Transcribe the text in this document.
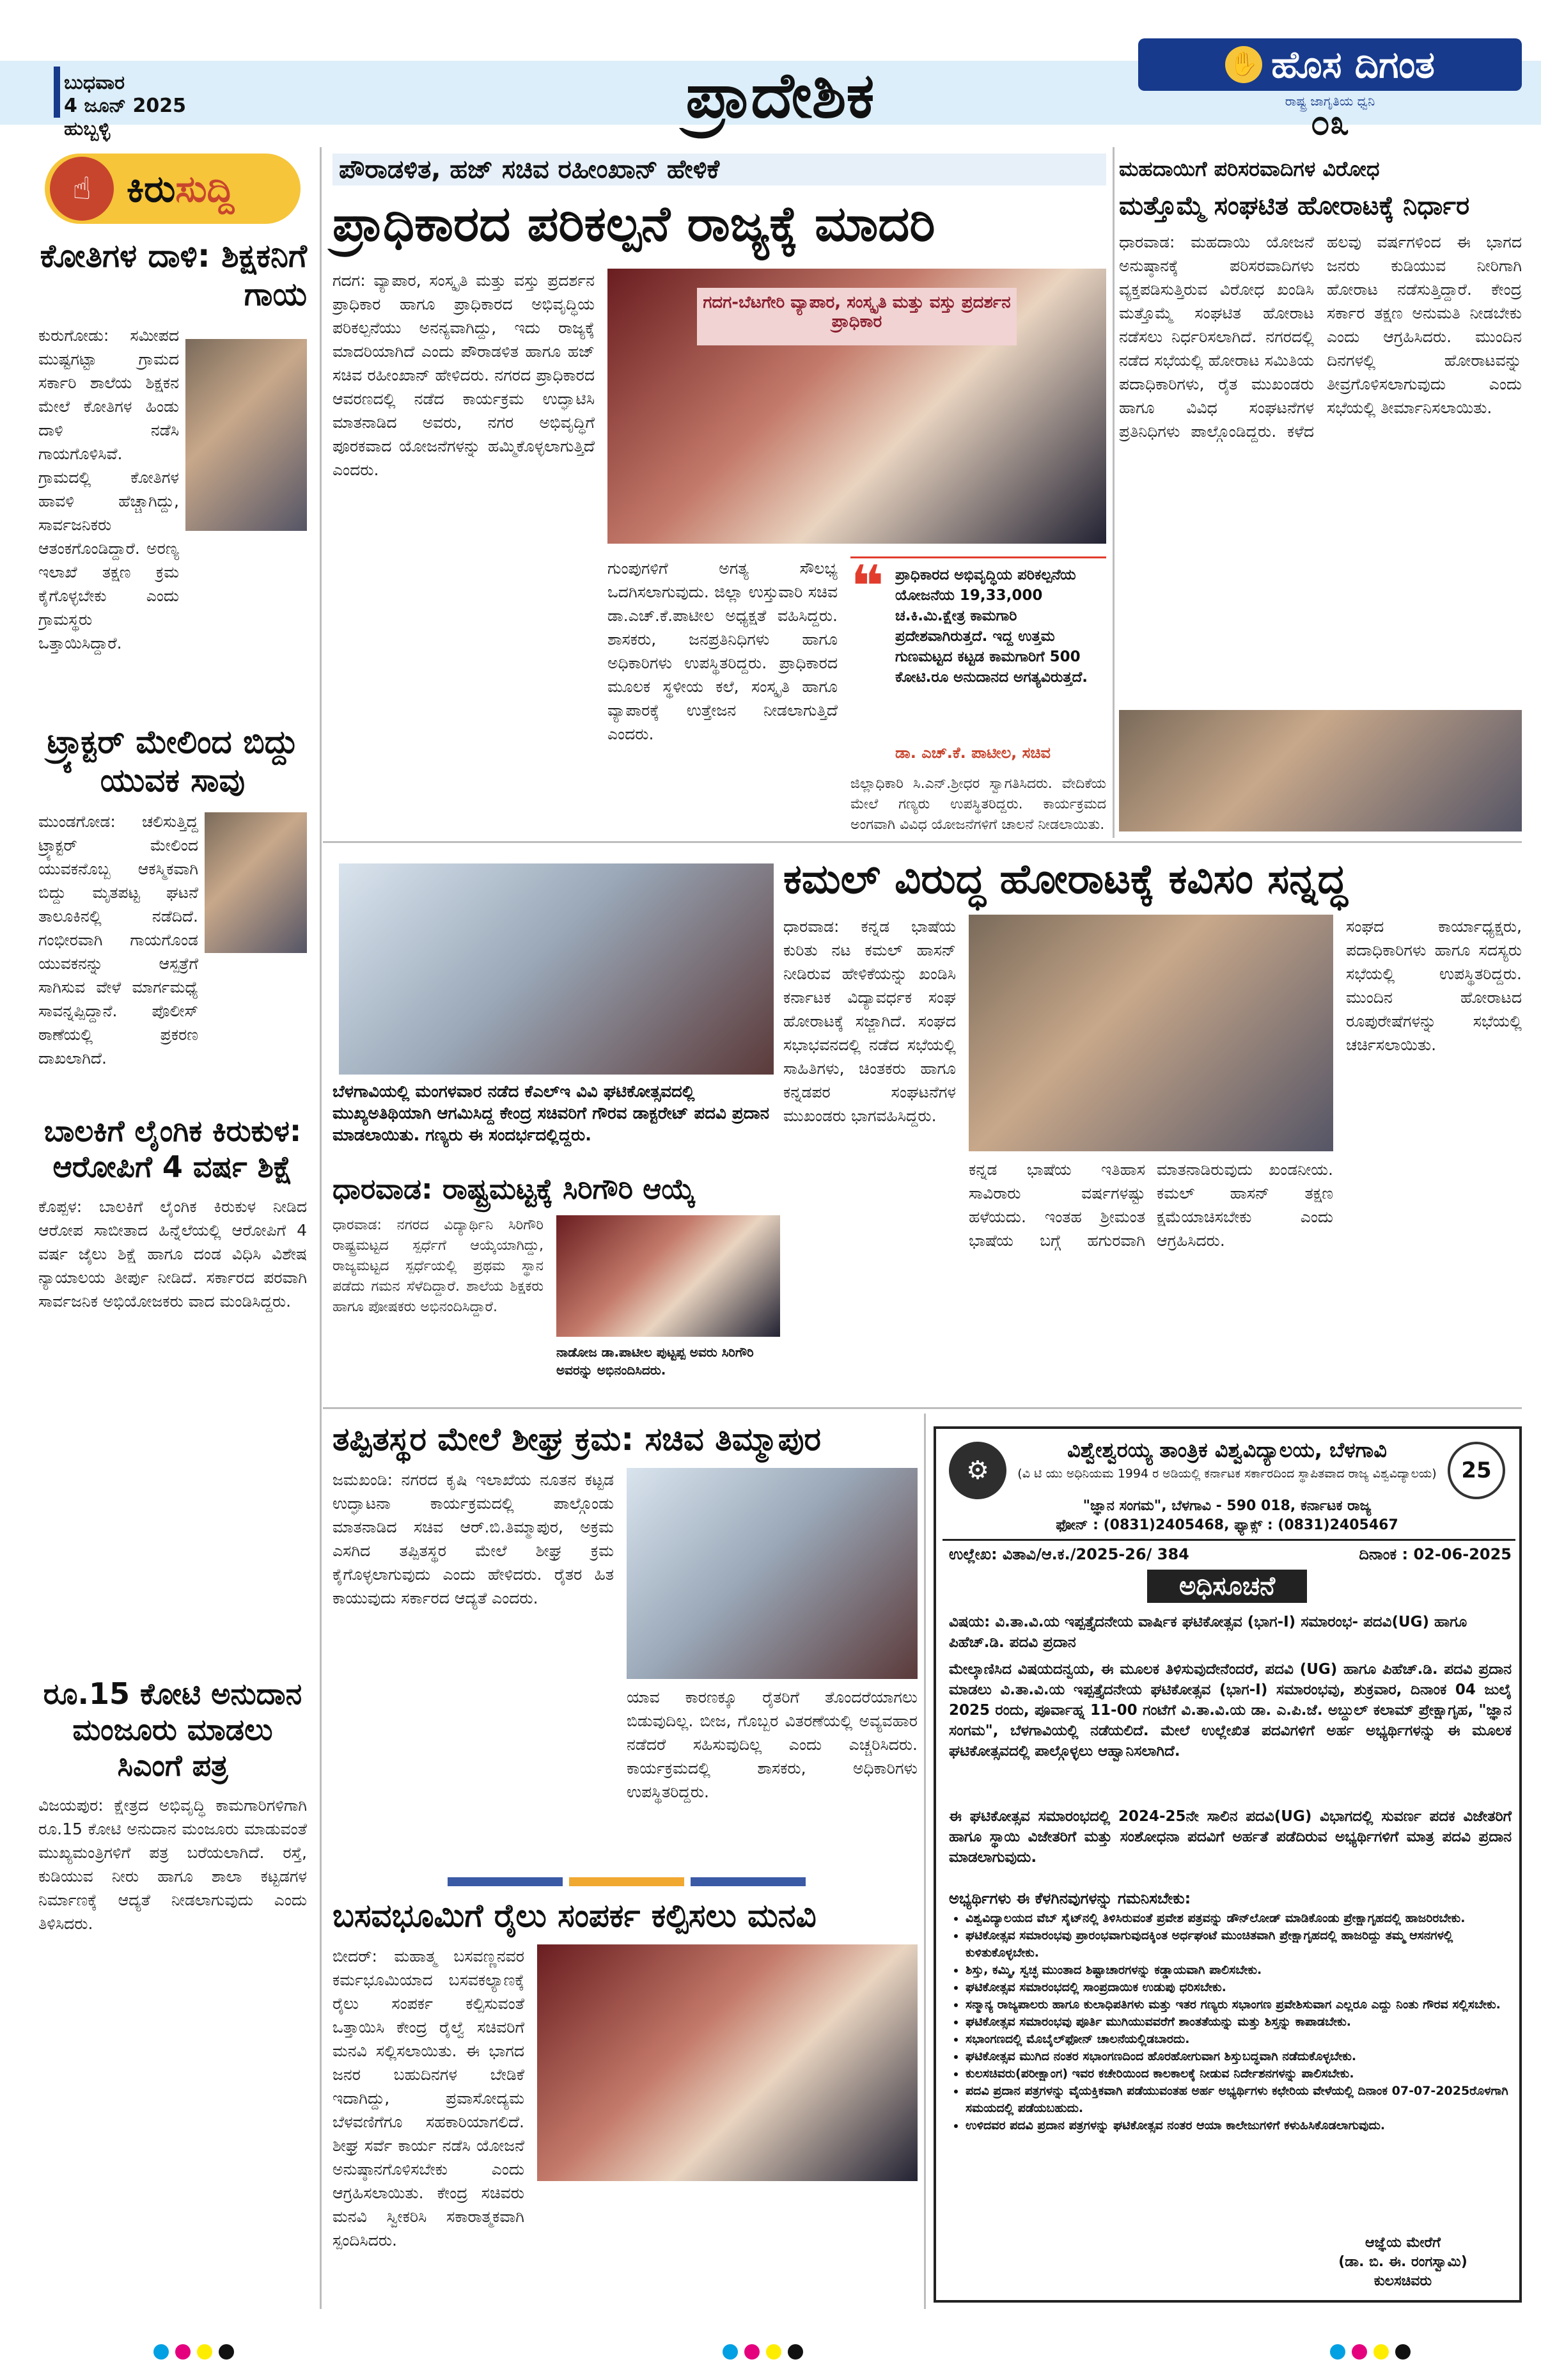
ಬುಧವಾರ
4 ಜೂನ್ 2025
ಹುಬ್ಬಳ್ಳಿ	ಪ್ರಾದೇಶಿಕ	✋ ಹೊಸ ದಿಗಂತ
ರಾಷ್ಟ್ರ ಜಾಗೃತಿಯ ಧ್ವನಿ
೦೩
☝ ಕಿರುಸುದ್ದಿ
ಕೋತಿಗಳ ದಾಳಿ: ಶಿಕ್ಷಕನಿಗೆ ಗಾಯ
ಕುರುಗೋಡು: ಸಮೀಪದ ಮುಷ್ಟಗಟ್ಟಾ ಗ್ರಾಮದ ಸರ್ಕಾರಿ ಶಾಲೆಯ ಶಿಕ್ಷಕನ ಮೇಲೆ ಕೋತಿಗಳ ಹಿಂಡು ದಾಳಿ ನಡೆಸಿ ಗಾಯಗೊಳಿಸಿವೆ. ಗ್ರಾಮದಲ್ಲಿ ಕೋತಿಗಳ ಹಾವಳಿ ಹೆಚ್ಚಾಗಿದ್ದು, ಸಾರ್ವಜನಿಕರು ಆತಂಕಗೊಂಡಿದ್ದಾರೆ. ಅರಣ್ಯ ಇಲಾಖೆ ತಕ್ಷಣ ಕ್ರಮ ಕೈಗೊಳ್ಳಬೇಕು ಎಂದು ಗ್ರಾಮಸ್ಥರು ಒತ್ತಾಯಿಸಿದ್ದಾರೆ.
ಟ್ರ್ಯಾಕ್ಟರ್ ಮೇಲಿಂದ ಬಿದ್ದು ಯುವಕ ಸಾವು
ಮುಂಡಗೋಡ: ಚಲಿಸುತ್ತಿದ್ದ ಟ್ರ್ಯಾಕ್ಟರ್ ಮೇಲಿಂದ ಯುವಕನೊಬ್ಬ ಆಕಸ್ಮಿಕವಾಗಿ ಬಿದ್ದು ಮೃತಪಟ್ಟ ಘಟನೆ ತಾಲೂಕಿನಲ್ಲಿ ನಡೆದಿದೆ. ಗಂಭೀರವಾಗಿ ಗಾಯಗೊಂಡ ಯುವಕನನ್ನು ಆಸ್ಪತ್ರೆಗೆ ಸಾಗಿಸುವ ವೇಳೆ ಮಾರ್ಗಮಧ್ಯೆ ಸಾವನ್ನಪ್ಪಿದ್ದಾನೆ. ಪೊಲೀಸ್ ಠಾಣೆಯಲ್ಲಿ ಪ್ರಕರಣ ದಾಖಲಾಗಿದೆ.
ಬಾಲಕಿಗೆ ಲೈಂಗಿಕ ಕಿರುಕುಳ: ಆರೋಪಿಗೆ 4 ವರ್ಷ ಶಿಕ್ಷೆ
ಕೊಪ್ಪಳ: ಬಾಲಕಿಗೆ ಲೈಂಗಿಕ ಕಿರುಕುಳ ನೀಡಿದ ಆರೋಪ ಸಾಬೀತಾದ ಹಿನ್ನೆಲೆಯಲ್ಲಿ ಆರೋಪಿಗೆ 4 ವರ್ಷ ಜೈಲು ಶಿಕ್ಷೆ ಹಾಗೂ ದಂಡ ವಿಧಿಸಿ ವಿಶೇಷ ನ್ಯಾಯಾಲಯ ತೀರ್ಪು ನೀಡಿದೆ. ಸರ್ಕಾರದ ಪರವಾಗಿ ಸಾರ್ವಜನಿಕ ಅಭಿಯೋಜಕರು ವಾದ ಮಂಡಿಸಿದ್ದರು.
ರೂ.15 ಕೋಟಿ ಅನುದಾನ ಮಂಜೂರು ಮಾಡಲು ಸಿಎಂಗೆ ಪತ್ರ
ವಿಜಯಪುರ: ಕ್ಷೇತ್ರದ ಅಭಿವೃದ್ಧಿ ಕಾಮಗಾರಿಗಳಿಗಾಗಿ ರೂ.15 ಕೋಟಿ ಅನುದಾನ ಮಂಜೂರು ಮಾಡುವಂತೆ ಮುಖ್ಯಮಂತ್ರಿಗಳಿಗೆ ಪತ್ರ ಬರೆಯಲಾಗಿದೆ. ರಸ್ತೆ, ಕುಡಿಯುವ ನೀರು ಹಾಗೂ ಶಾಲಾ ಕಟ್ಟಡಗಳ ನಿರ್ಮಾಣಕ್ಕೆ ಆದ್ಯತೆ ನೀಡಲಾಗುವುದು ಎಂದು ತಿಳಿಸಿದರು.
ಪೌರಾಡಳಿತ, ಹಜ್ ಸಚಿವ ರಹೀಂಖಾನ್ ಹೇಳಿಕೆ
ಪ್ರಾಧಿಕಾರದ ಪರಿಕಲ್ಪನೆ ರಾಜ್ಯಕ್ಕೆ ಮಾದರಿ
ಗದಗ: ವ್ಯಾಪಾರ, ಸಂಸ್ಕೃತಿ ಮತ್ತು ವಸ್ತು ಪ್ರದರ್ಶನ ಪ್ರಾಧಿಕಾರ ಹಾಗೂ ಪ್ರಾಧಿಕಾರದ ಅಭಿವೃದ್ಧಿಯ ಪರಿಕಲ್ಪನೆಯು ಅನನ್ಯವಾಗಿದ್ದು, ಇದು ರಾಜ್ಯಕ್ಕೆ ಮಾದರಿಯಾಗಿದೆ ಎಂದು ಪೌರಾಡಳಿತ ಹಾಗೂ ಹಜ್ ಸಚಿವ ರಹೀಂಖಾನ್ ಹೇಳಿದರು. ನಗರದ ಪ್ರಾಧಿಕಾರದ ಆವರಣದಲ್ಲಿ ನಡೆದ ಕಾರ್ಯಕ್ರಮ ಉದ್ಘಾಟಿಸಿ ಮಾತನಾಡಿದ ಅವರು, ನಗರ ಅಭಿವೃದ್ಧಿಗೆ ಪೂರಕವಾದ ಯೋಜನೆಗಳನ್ನು ಹಮ್ಮಿಕೊಳ್ಳಲಾಗುತ್ತಿದೆ ಎಂದರು.
ಗದಗ-ಬೆಟಗೇರಿ ವ್ಯಾಪಾರ, ಸಂಸ್ಕೃತಿ ಮತ್ತು ವಸ್ತು ಪ್ರದರ್ಶನ ಪ್ರಾಧಿಕಾರ
ಗುಂಪುಗಳಿಗೆ ಅಗತ್ಯ ಸೌಲಭ್ಯ ಒದಗಿಸಲಾಗುವುದು. ಜಿಲ್ಲಾ ಉಸ್ತುವಾರಿ ಸಚಿವ ಡಾ.ಎಚ್.ಕೆ.ಪಾಟೀಲ ಅಧ್ಯಕ್ಷತೆ ವಹಿಸಿದ್ದರು. ಶಾಸಕರು, ಜನಪ್ರತಿನಿಧಿಗಳು ಹಾಗೂ ಅಧಿಕಾರಿಗಳು ಉಪಸ್ಥಿತರಿದ್ದರು. ಪ್ರಾಧಿಕಾರದ ಮೂಲಕ ಸ್ಥಳೀಯ ಕಲೆ, ಸಂಸ್ಕೃತಿ ಹಾಗೂ ವ್ಯಾಪಾರಕ್ಕೆ ಉತ್ತೇಜನ ನೀಡಲಾಗುತ್ತಿದೆ ಎಂದರು.
❝ ಪ್ರಾಧಿಕಾರದ ಅಭಿವೃದ್ಧಿಯ ಪರಿಕಲ್ಪನೆಯ ಯೋಜನೆಯ 19,33,000 ಚ.ಕಿ.ಮಿ.ಕ್ಷೇತ್ರ ಕಾಮಗಾರಿ ಪ್ರದೇಶವಾಗಿರುತ್ತದೆ. ಇದ್ದ ಉತ್ತಮ ಗುಣಮಟ್ಟದ ಕಟ್ಟಡ ಕಾಮಗಾರಿಗೆ 500 ಕೋಟಿ.ರೂ ಅನುದಾನದ ಅಗತ್ಯವಿರುತ್ತದೆ.
ಡಾ. ಎಚ್.ಕೆ. ಪಾಟೀಲ, ಸಚಿವ
ಜಿಲ್ಲಾಧಿಕಾರಿ ಸಿ.ಎನ್.ಶ್ರೀಧರ ಸ್ವಾಗತಿಸಿದರು. ವೇದಿಕೆಯ ಮೇಲೆ ಗಣ್ಯರು ಉಪಸ್ಥಿತರಿದ್ದರು. ಕಾರ್ಯಕ್ರಮದ ಅಂಗವಾಗಿ ವಿವಿಧ ಯೋಜನೆಗಳಿಗೆ ಚಾಲನೆ ನೀಡಲಾಯಿತು.
ಮಹದಾಯಿಗೆ ಪರಿಸರವಾದಿಗಳ ವಿರೋಧ
ಮತ್ತೊಮ್ಮೆ ಸಂಘಟಿತ ಹೋರಾಟಕ್ಕೆ ನಿರ್ಧಾರ
ಧಾರವಾಡ: ಮಹದಾಯಿ ಯೋಜನೆ ಅನುಷ್ಠಾನಕ್ಕೆ ಪರಿಸರವಾದಿಗಳು ವ್ಯಕ್ತಪಡಿಸುತ್ತಿರುವ ವಿರೋಧ ಖಂಡಿಸಿ ಮತ್ತೊಮ್ಮೆ ಸಂಘಟಿತ ಹೋರಾಟ ನಡೆಸಲು ನಿರ್ಧರಿಸಲಾಗಿದೆ. ನಗರದಲ್ಲಿ ನಡೆದ ಸಭೆಯಲ್ಲಿ ಹೋರಾಟ ಸಮಿತಿಯ ಪದಾಧಿಕಾರಿಗಳು, ರೈತ ಮುಖಂಡರು ಹಾಗೂ ವಿವಿಧ ಸಂಘಟನೆಗಳ ಪ್ರತಿನಿಧಿಗಳು ಪಾಲ್ಗೊಂಡಿದ್ದರು. ಕಳೆದ ಹಲವು ವರ್ಷಗಳಿಂದ ಈ ಭಾಗದ ಜನರು ಕುಡಿಯುವ ನೀರಿಗಾಗಿ ಹೋರಾಟ ನಡೆಸುತ್ತಿದ್ದಾರೆ. ಕೇಂದ್ರ ಸರ್ಕಾರ ತಕ್ಷಣ ಅನುಮತಿ ನೀಡಬೇಕು ಎಂದು ಆಗ್ರಹಿಸಿದರು. ಮುಂದಿನ ದಿನಗಳಲ್ಲಿ ಹೋರಾಟವನ್ನು ತೀವ್ರಗೊಳಿಸಲಾಗುವುದು ಎಂದು ಸಭೆಯಲ್ಲಿ ತೀರ್ಮಾನಿಸಲಾಯಿತು.
ಬೆಳಗಾವಿಯಲ್ಲಿ ಮಂಗಳವಾರ ನಡೆದ ಕೆಎಲ್‌ಇ ವಿವಿ ಘಟಿಕೋತ್ಸವದಲ್ಲಿ ಮುಖ್ಯಅತಿಥಿಯಾಗಿ ಆಗಮಿಸಿದ್ದ ಕೇಂದ್ರ ಸಚಿವರಿಗೆ ಗೌರವ ಡಾಕ್ಟರೇಟ್ ಪದವಿ ಪ್ರದಾನ ಮಾಡಲಾಯಿತು. ಗಣ್ಯರು ಈ ಸಂದರ್ಭದಲ್ಲಿದ್ದರು.
ಧಾರವಾಡ: ರಾಷ್ಟ್ರಮಟ್ಟಕ್ಕೆ ಸಿರಿಗೌರಿ ಆಯ್ಕೆ
ಧಾರವಾಡ: ನಗರದ ವಿದ್ಯಾರ್ಥಿನಿ ಸಿರಿಗೌರಿ ರಾಷ್ಟ್ರಮಟ್ಟದ ಸ್ಪರ್ಧೆಗೆ ಆಯ್ಕೆಯಾಗಿದ್ದು, ರಾಜ್ಯಮಟ್ಟದ ಸ್ಪರ್ಧೆಯಲ್ಲಿ ಪ್ರಥಮ ಸ್ಥಾನ ಪಡೆದು ಗಮನ ಸೆಳೆದಿದ್ದಾರೆ. ಶಾಲೆಯ ಶಿಕ್ಷಕರು ಹಾಗೂ ಪೋಷಕರು ಅಭಿನಂದಿಸಿದ್ದಾರೆ.
ನಾಡೋಜ ಡಾ.ಪಾಟೀಲ ಪುಟ್ಟಪ್ಪ ಅವರು ಸಿರಿಗೌರಿ ಅವರನ್ನು ಅಭಿನಂದಿಸಿದರು.
ಕಮಲ್ ವಿರುದ್ಧ ಹೋರಾಟಕ್ಕೆ ಕವಿಸಂ ಸನ್ನದ್ಧ
ಧಾರವಾಡ: ಕನ್ನಡ ಭಾಷೆಯ ಕುರಿತು ನಟ ಕಮಲ್ ಹಾಸನ್ ನೀಡಿರುವ ಹೇಳಿಕೆಯನ್ನು ಖಂಡಿಸಿ ಕರ್ನಾಟಕ ವಿದ್ಯಾವರ್ಧಕ ಸಂಘ ಹೋರಾಟಕ್ಕೆ ಸಜ್ಜಾಗಿದೆ. ಸಂಘದ ಸಭಾಭವನದಲ್ಲಿ ನಡೆದ ಸಭೆಯಲ್ಲಿ ಸಾಹಿತಿಗಳು, ಚಿಂತಕರು ಹಾಗೂ ಕನ್ನಡಪರ ಸಂಘಟನೆಗಳ ಮುಖಂಡರು ಭಾಗವಹಿಸಿದ್ದರು.
ಕನ್ನಡ ಭಾಷೆಯ ಇತಿಹಾಸ ಸಾವಿರಾರು ವರ್ಷಗಳಷ್ಟು ಹಳೆಯದು. ಇಂತಹ ಶ್ರೀಮಂತ ಭಾಷೆಯ ಬಗ್ಗೆ ಹಗುರವಾಗಿ ಮಾತನಾಡಿರುವುದು ಖಂಡನೀಯ. ಕಮಲ್ ಹಾಸನ್ ತಕ್ಷಣ ಕ್ಷಮೆಯಾಚಿಸಬೇಕು ಎಂದು ಆಗ್ರಹಿಸಿದರು.
ಸಂಘದ ಕಾರ್ಯಾಧ್ಯಕ್ಷರು, ಪದಾಧಿಕಾರಿಗಳು ಹಾಗೂ ಸದಸ್ಯರು ಸಭೆಯಲ್ಲಿ ಉಪಸ್ಥಿತರಿದ್ದರು. ಮುಂದಿನ ಹೋರಾಟದ ರೂಪುರೇಷೆಗಳನ್ನು ಸಭೆಯಲ್ಲಿ ಚರ್ಚಿಸಲಾಯಿತು.
ತಪ್ಪಿತಸ್ಥರ ಮೇಲೆ ಶೀಘ್ರ ಕ್ರಮ: ಸಚಿವ ತಿಮ್ಮಾಪುರ
ಜಮಖಂಡಿ: ನಗರದ ಕೃಷಿ ಇಲಾಖೆಯ ನೂತನ ಕಟ್ಟಡ ಉದ್ಘಾಟನಾ ಕಾರ್ಯಕ್ರಮದಲ್ಲಿ ಪಾಲ್ಗೊಂಡು ಮಾತನಾಡಿದ ಸಚಿವ ಆರ್.ಬಿ.ತಿಮ್ಮಾಪುರ, ಅಕ್ರಮ ಎಸಗಿದ ತಪ್ಪಿತಸ್ಥರ ಮೇಲೆ ಶೀಘ್ರ ಕ್ರಮ ಕೈಗೊಳ್ಳಲಾಗುವುದು ಎಂದು ಹೇಳಿದರು. ರೈತರ ಹಿತ ಕಾಯುವುದು ಸರ್ಕಾರದ ಆದ್ಯತೆ ಎಂದರು.
ಯಾವ ಕಾರಣಕ್ಕೂ ರೈತರಿಗೆ ತೊಂದರೆಯಾಗಲು ಬಿಡುವುದಿಲ್ಲ. ಬೀಜ, ಗೊಬ್ಬರ ವಿತರಣೆಯಲ್ಲಿ ಅವ್ಯವಹಾರ ನಡೆದರೆ ಸಹಿಸುವುದಿಲ್ಲ ಎಂದು ಎಚ್ಚರಿಸಿದರು. ಕಾರ್ಯಕ್ರಮದಲ್ಲಿ ಶಾಸಕರು, ಅಧಿಕಾರಿಗಳು ಉಪಸ್ಥಿತರಿದ್ದರು.
ಬಸವಭೂಮಿಗೆ ರೈಲು ಸಂಪರ್ಕ ಕಲ್ಪಿಸಲು ಮನವಿ
ಬೀದರ್: ಮಹಾತ್ಮ ಬಸವಣ್ಣನವರ ಕರ್ಮಭೂಮಿಯಾದ ಬಸವಕಲ್ಯಾಣಕ್ಕೆ ರೈಲು ಸಂಪರ್ಕ ಕಲ್ಪಿಸುವಂತೆ ಒತ್ತಾಯಿಸಿ ಕೇಂದ್ರ ರೈಲ್ವೆ ಸಚಿವರಿಗೆ ಮನವಿ ಸಲ್ಲಿಸಲಾಯಿತು. ಈ ಭಾಗದ ಜನರ ಬಹುದಿನಗಳ ಬೇಡಿಕೆ ಇದಾಗಿದ್ದು, ಪ್ರವಾಸೋದ್ಯಮ ಬೆಳವಣಿಗೆಗೂ ಸಹಕಾರಿಯಾಗಲಿದೆ. ಶೀಘ್ರ ಸರ್ವೆ ಕಾರ್ಯ ನಡೆಸಿ ಯೋಜನೆ ಅನುಷ್ಠಾನಗೊಳಿಸಬೇಕು ಎಂದು ಆಗ್ರಹಿಸಲಾಯಿತು. ಕೇಂದ್ರ ಸಚಿವರು ಮನವಿ ಸ್ವೀಕರಿಸಿ ಸಕಾರಾತ್ಮಕವಾಗಿ ಸ್ಪಂದಿಸಿದರು.
⚙	25
ವಿಶ್ವೇಶ್ವರಯ್ಯ ತಾಂತ್ರಿಕ ವಿಶ್ವವಿದ್ಯಾಲಯ, ಬೆಳಗಾವಿ
(ವಿ ಟಿ ಯು ಅಧಿನಿಯಮ 1994 ರ ಅಡಿಯಲ್ಲಿ ಕರ್ನಾಟಕ ಸರ್ಕಾರದಿಂದ ಸ್ಥಾಪಿತವಾದ ರಾಜ್ಯ ವಿಶ್ವವಿದ್ಯಾಲಯ)
"ಜ್ಞಾನ ಸಂಗಮ", ಬೆಳಗಾವಿ - 590 018, ಕರ್ನಾಟಕ ರಾಜ್ಯ
ಫೋನ್ : (0831)2405468, ಫ್ಯಾಕ್ಸ್ : (0831)2405467
ಉಲ್ಲೇಖ: ವಿತಾವಿ/ಆ.ಕ./2025-26/ 384	ದಿನಾಂಕ : 02-06-2025
ಅಧಿಸೂಚನೆ
ವಿಷಯ: ವಿ.ತಾ.ವಿ.ಯ ಇಪ್ಪತ್ತೈದನೇಯ ವಾರ್ಷಿಕ ಘಟಿಕೋತ್ಸವ (ಭಾಗ-I) ಸಮಾರಂಭ- ಪದವಿ(UG) ಹಾಗೂ ಪಿಹೆಚ್.ಡಿ. ಪದವಿ ಪ್ರದಾನ
ಮೇಲ್ಕಾಣಿಸಿದ ವಿಷಯದನ್ವಯ, ಈ ಮೂಲಕ ತಿಳಿಸುವುದೇನೆಂದರೆ, ಪದವಿ (UG) ಹಾಗೂ ಪಿಹೆಚ್.ಡಿ. ಪದವಿ ಪ್ರದಾನ ಮಾಡಲು ವಿ.ತಾ.ವಿ.ಯ ಇಪ್ಪತ್ತೈದನೇಯ ಘಟಿಕೋತ್ಸವ (ಭಾಗ-I) ಸಮಾರಂಭವು, ಶುಕ್ರವಾರ, ದಿನಾಂಕ 04 ಜುಲೈ 2025 ರಂದು, ಪೂರ್ವಾಹ್ನ 11-00 ಗಂಟೆಗೆ ವಿ.ತಾ.ವಿ.ಯ ಡಾ. ಎ.ಪಿ.ಜೆ. ಅಬ್ದುಲ್ ಕಲಾಮ್ ಪ್ರೇಕ್ಷಾಗೃಹ, "ಜ್ಞಾನ ಸಂಗಮ", ಬೆಳಗಾವಿಯಲ್ಲಿ ನಡೆಯಲಿದೆ. ಮೇಲೆ ಉಲ್ಲೇಖಿತ ಪದವಿಗಳಿಗೆ ಅರ್ಹ ಅಭ್ಯರ್ಥಿಗಳನ್ನು ಈ ಮೂಲಕ ಘಟಿಕೋತ್ಸವದಲ್ಲಿ ಪಾಲ್ಗೊಳ್ಳಲು ಆಹ್ವಾನಿಸಲಾಗಿದೆ.
ಈ ಘಟಿಕೋತ್ಸವ ಸಮಾರಂಭದಲ್ಲಿ 2024-25ನೇ ಸಾಲಿನ ಪದವಿ(UG) ವಿಭಾಗದಲ್ಲಿ ಸುವರ್ಣ ಪದಕ ವಿಜೇತರಿಗೆ ಹಾಗೂ ಸ್ಥಾಯಿ ವಿಜೇತರಿಗೆ ಮತ್ತು ಸಂಶೋಧನಾ ಪದವಿಗೆ ಅರ್ಹತೆ ಪಡೆದಿರುವ ಅಭ್ಯರ್ಥಿಗಳಿಗೆ ಮಾತ್ರ ಪದವಿ ಪ್ರದಾನ ಮಾಡಲಾಗುವುದು.
ಅಭ್ಯರ್ಥಿಗಳು ಈ ಕೆಳಗಿನವುಗಳನ್ನು ಗಮನಿಸಬೇಕು:
• ವಿಶ್ವವಿದ್ಯಾಲಯದ ವೆಬ್ ಸೈಟ್‌ನಲ್ಲಿ ತಿಳಿಸಿರುವಂತೆ ಪ್ರವೇಶ ಪತ್ರವನ್ನು ಡೌನ್‌ಲೋಡ್ ಮಾಡಿಕೊಂಡು ಪ್ರೇಕ್ಷಾಗೃಹದಲ್ಲಿ ಹಾಜರಿರಬೇಕು.
• ಘಟಿಕೋತ್ಸವ ಸಮಾರಂಭವು ಪ್ರಾರಂಭವಾಗುವುದಕ್ಕಿಂತ ಅರ್ಧಘಂಟೆ ಮುಂಚಿತವಾಗಿ ಪ್ರೇಕ್ಷಾಗೃಹದಲ್ಲಿ ಹಾಜರಿದ್ದು ತಮ್ಮ ಆಸನಗಳಲ್ಲಿ ಕುಳಿತುಕೊಳ್ಳಬೇಕು.
• ಶಿಸ್ತು, ಕಮ್ಮಿ, ಸ್ವಚ್ಛ ಮುಂತಾದ ಶಿಷ್ಟಾಚಾರಗಳನ್ನು ಕಡ್ಡಾಯವಾಗಿ ಪಾಲಿಸಬೇಕು.
• ಘಟಿಕೋತ್ಸವ ಸಮಾರಂಭದಲ್ಲಿ ಸಾಂಪ್ರದಾಯಿಕ ಉಡುಪು ಧರಿಸಬೇಕು.
• ಸನ್ಮಾನ್ಯ ರಾಜ್ಯಪಾಲರು ಹಾಗೂ ಕುಲಾಧಿಪತಿಗಳು ಮತ್ತು ಇತರ ಗಣ್ಯರು ಸಭಾಂಗಣ ಪ್ರವೇಶಿಸುವಾಗ ಎಲ್ಲರೂ ಎದ್ದು ನಿಂತು ಗೌರವ ಸಲ್ಲಿಸಬೇಕು.
• ಘಟಿಕೋತ್ಸವ ಸಮಾರಂಭವು ಪೂರ್ತಿ ಮುಗಿಯುವವರೆಗೆ ಶಾಂತತೆಯನ್ನು ಮತ್ತು ಶಿಸ್ತನ್ನು ಕಾಪಾಡಬೇಕು.
• ಸಭಾಂಗಣದಲ್ಲಿ ಮೊಬೈಲ್‌ಫೋನ್ ಚಾಲನೆಯಲ್ಲಿಡಬಾರದು.
• ಘಟಿಕೋತ್ಸವ ಮುಗಿದ ನಂತರ ಸಭಾಂಗಣದಿಂದ ಹೊರಹೋಗುವಾಗ ಶಿಸ್ತುಬದ್ಧವಾಗಿ ನಡೆದುಕೊಳ್ಳಬೇಕು.
• ಕುಲಸಚಿವರು(ಪರೀಕ್ಷಾಂಗ) ಇವರ ಕಚೇರಿಯಿಂದ ಕಾಲಕಾಲಕ್ಕೆ ನೀಡುವ ನಿರ್ದೇಶನಗಳನ್ನು ಪಾಲಿಸಬೇಕು.
• ಪದವಿ ಪ್ರದಾನ ಪತ್ರಗಳನ್ನು ವೈಯಕ್ತಿಕವಾಗಿ ಪಡೆಯುವಂತಹ ಅರ್ಹ ಅಭ್ಯರ್ಥಿಗಳು ಕಛೇರಿಯ ವೇಳೆಯಲ್ಲಿ ದಿನಾಂಕ 07-07-2025ರೊಳಗಾಗಿ ಸಮಯದಲ್ಲಿ ಪಡೆಯಬಹುದು.
• ಉಳಿದವರ ಪದವಿ ಪ್ರದಾನ ಪತ್ರಗಳನ್ನು ಘಟಿಕೋತ್ಸವ ನಂತರ ಆಯಾ ಕಾಲೇಜುಗಳಿಗೆ ಕಳುಹಿಸಿಕೊಡಲಾಗುವುದು.
ಆಜ್ಞೆಯ ಮೇರೆಗೆ
(ಡಾ. ಬಿ. ಈ. ರಂಗಸ್ವಾಮಿ)
ಕುಲಸಚಿವರು
